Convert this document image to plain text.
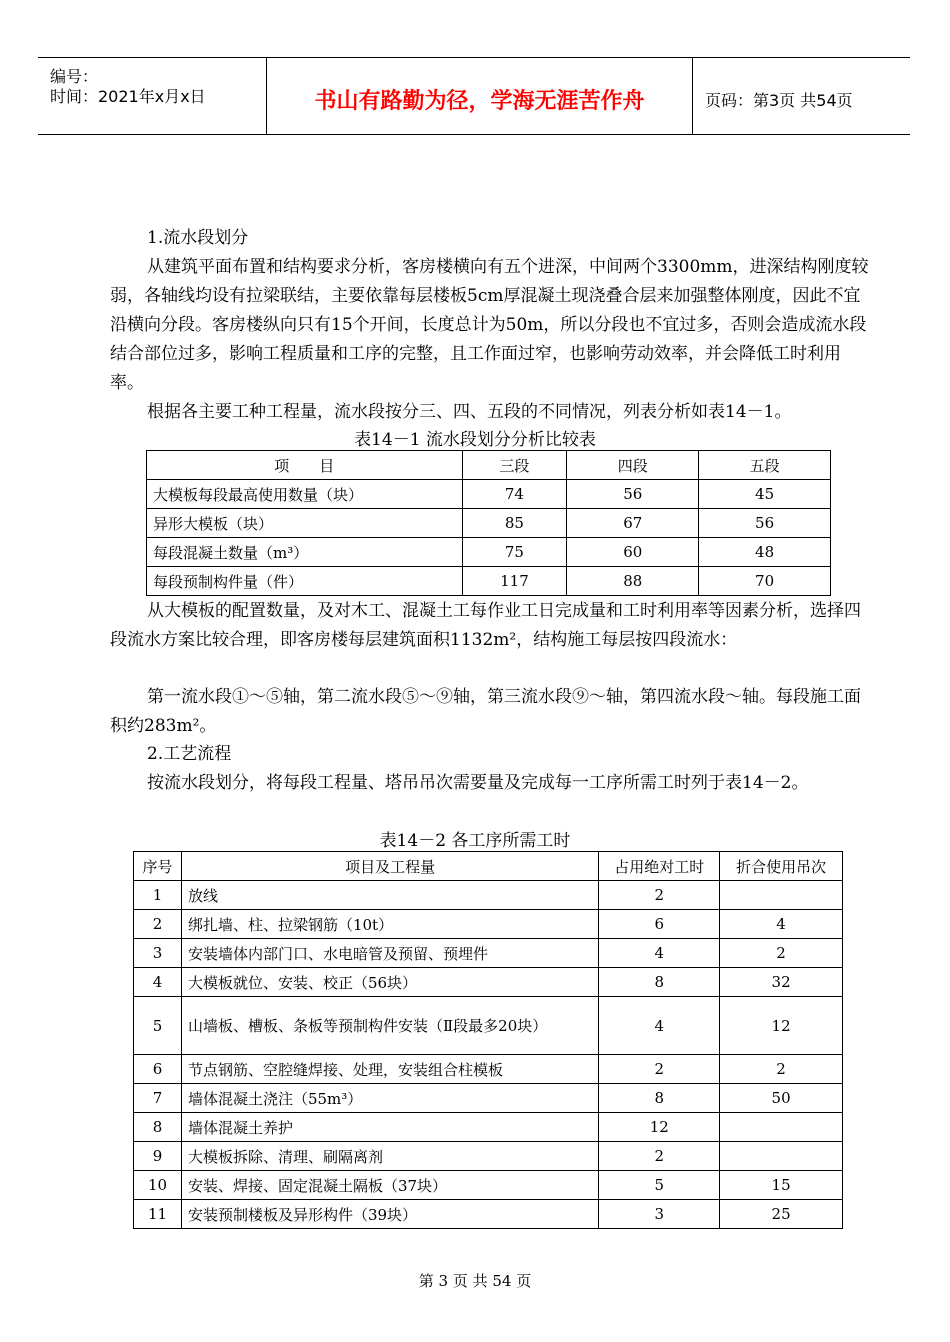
编号：
时间：2021年x月x日	书山有路勤为径，学海无涯苦作舟	页码：第3页 共54页
1.流水段划分
从建筑平面布置和结构要求分析，客房楼横向有五个进深，中间两个3300mm，进深结构刚度较弱，各轴线均设有拉梁联结，主要依靠每层楼板5cm厚混凝土现浇叠合层来加强整体刚度，因此不宜沿横向分段。客房楼纵向只有15个开间，长度总计为50m，所以分段也不宜过多，否则会造成流水段结合部位过多，影响工程质量和工序的完整，且工作面过窄，也影响劳动效率，并会降低工时利用率。
根据各主要工种工程量，流水段按分三、四、五段的不同情况，列表分析如表14－1。
表14－1 流水段划分分析比较表
项　　目	三段	四段	五段
大模板每段最高使用数量（块）	74	56	45
异形大模板（块）	85	67	56
每段混凝土数量（m³）	75	60	48
每段预制构件量（件）	117	88	70
从大模板的配置数量，及对木工、混凝土工每作业工日完成量和工时利用率等因素分析，选择四段流水方案比较合理，即客房楼每层建筑面积1132m²，结构施工每层按四段流水：
第一流水段①～⑤轴，第二流水段⑤～⑨轴，第三流水段⑨～轴，第四流水段～轴。每段施工面积约283m²。
2.工艺流程
按流水段划分，将每段工程量、塔吊吊次需要量及完成每一工序所需工时列于表14－2。
表14－2 各工序所需工时
序号	项目及工程量	占用绝对工时	折合使用吊次
1	放线	2	
2	绑扎墙、柱、拉梁钢筋（10t）	6	4
3	安装墙体内部门口、水电暗管及预留、预埋件	4	2
4	大模板就位、安装、校正（56块）	8	32
5	山墙板、槽板、条板等预制构件安装（Ⅱ段最多20块）	4	12
6	节点钢筋、空腔缝焊接、处理，安装组合柱模板	2	2
7	墙体混凝土浇注（55m³）	8	50
8	墙体混凝土养护	12	
9	大模板拆除、清理、刷隔离剂	2	
10	安装、焊接、固定混凝土隔板（37块）	5	15
11	安装预制楼板及异形构件（39块）	3	25
第 3 页 共 54 页
